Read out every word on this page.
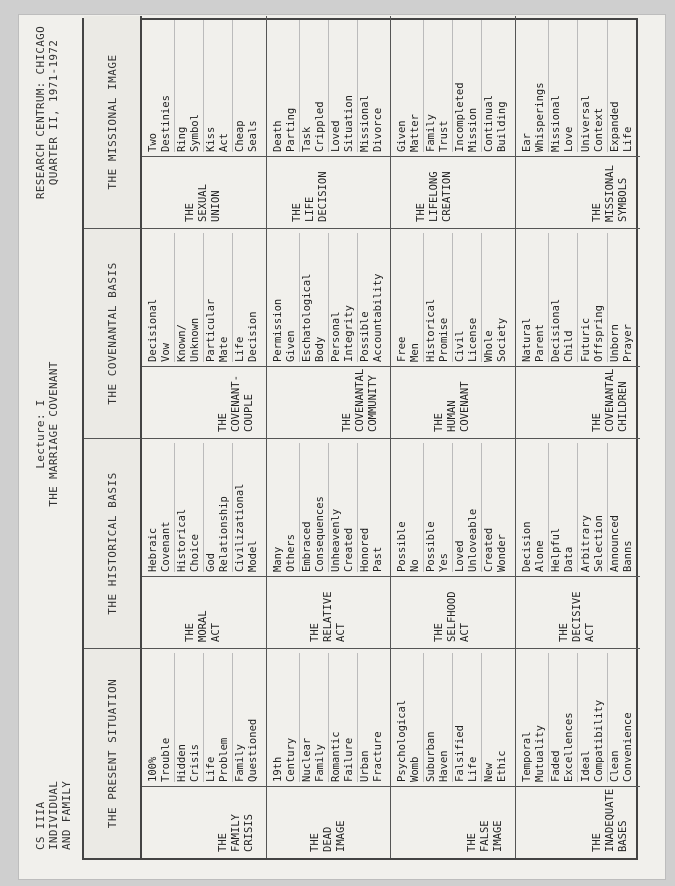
CS IIIA INDIVIDUAL AND FAMILY
Lecture: I THE MARRIAGE COVENANT
RESEARCH CENTRUM: CHICAGO QUARTER II, 1971-1972
THE PRESENT SITUATION
THE HISTORICAL BASIS
THE COVENANTAL BASIS
THE MISSIONAL IMAGE
THE
FAMILY
CRISIS
100%
Trouble Hidden
Crisis Life
Problem Family
Questioned
THE
MORAL
ACT
Hebraic
Covenant Historical
Choice God
Relationship Civilizational
Model
THE
COVENANT-
COUPLE
Decisional
Vow Known/
Unknown Particular
Mate Life
Decision
THE
SEXUAL
UNION
Two
Destinies Ring
Symbol Kiss
Act Cheap
Seals
THE
DEAD
IMAGE
19th
Century Nuclear
Family Romantic
Failure Urban
Fracture
THE
RELATIVE
ACT
Many
Others Embraced
Consequences Unheavenly
Created Honored
Past
THE
COVENANTAL
COMMUNITY
Permission
Given Eschatological
Body Personal
Integrity Possible
Accountability
THE
LIFE
DECISION
Death
Parting Task
Crippled Loved
Situation Missional
Divorce
THE
FALSE
IMAGE
Psychological
Womb Suburban
Haven Falsified
Life New
Ethic
THE
SELFHOOD
ACT
Possible
No Possible
Yes Loved
Unloveable Created
Wonder
THE
HUMAN
COVENANT
Free
Men Historical
Promise Civil
License Whole
Society
THE
LIFELONG
CREATION
Given
Matter Family
Trust Incompleted
Mission Continual
Building
THE
INADEQUATE
BASES
Temporal
Mutuality Faded
Excellences Ideal
Compatibility Clean
Convenience
THE
DECISIVE
ACT
Decision
Alone Helpful
Data Arbitrary
Selection Announced
Banns
THE
COVENANTAL
CHILDREN
Natural
Parent Decisional
Child Futuric
Offspring Unborn
Prayer
THE
MISSIONAL
SYMBOLS
Ear
Whisperings Missional
Love Universal
Context Expanded
Life
